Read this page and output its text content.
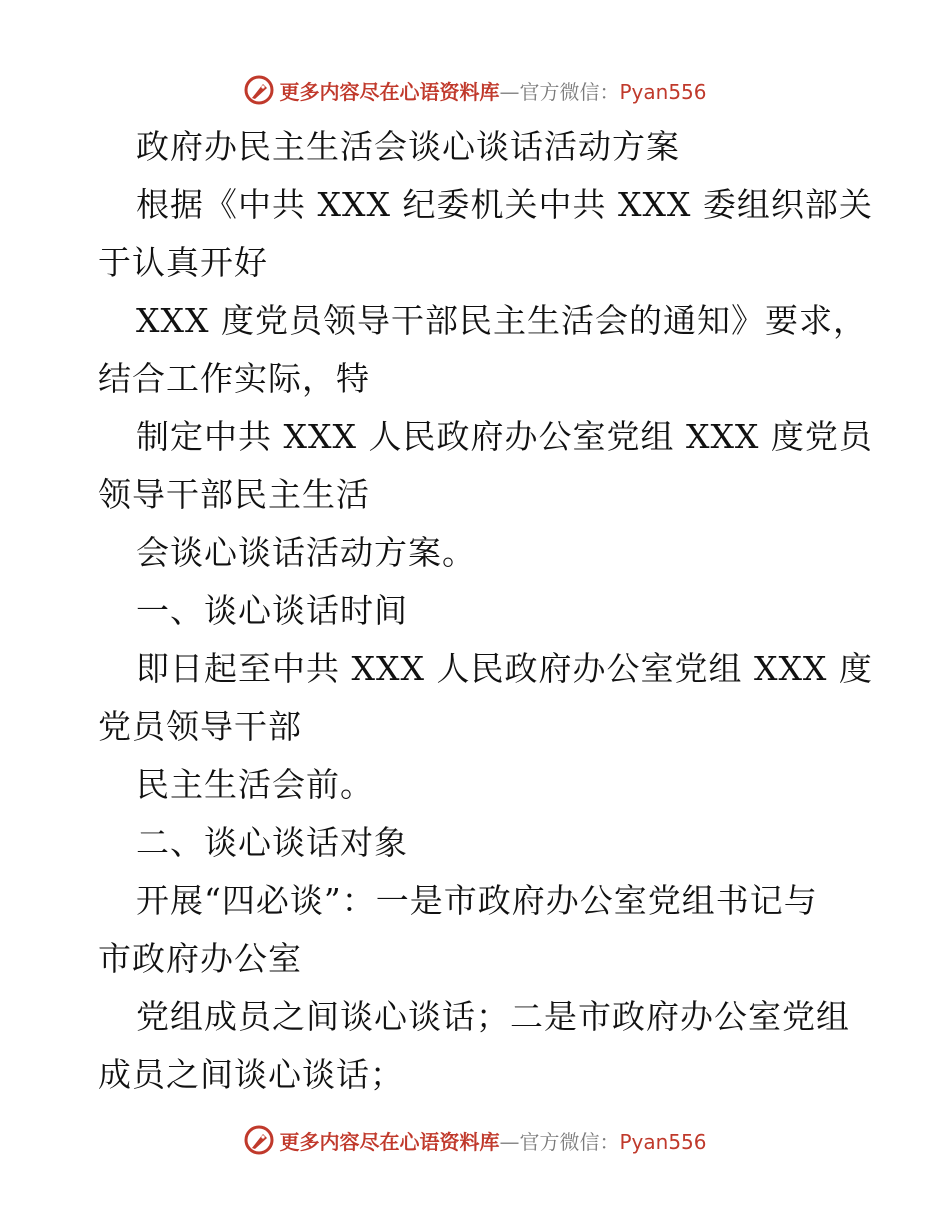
更多内容尽在心语资料库—官方微信：Pyan556
政府办民主生活会谈心谈话活动方案
根据《中共 XXX 纪委机关中共 XXX 委组织部关
于认真开好
XXX 度党员领导干部民主生活会的通知》要求，
结合工作实际，特
制定中共 XXX 人民政府办公室党组 XXX 度党员
领导干部民主生活
会谈心谈话活动方案。
一、谈心谈话时间
即日起至中共 XXX 人民政府办公室党组 XXX 度
党员领导干部
民主生活会前。
二、谈心谈话对象
开展“四必谈”：一是市政府办公室党组书记与
市政府办公室
党组成员之间谈心谈话；二是市政府办公室党组
成员之间谈心谈话；
更多内容尽在心语资料库—官方微信：Pyan556
